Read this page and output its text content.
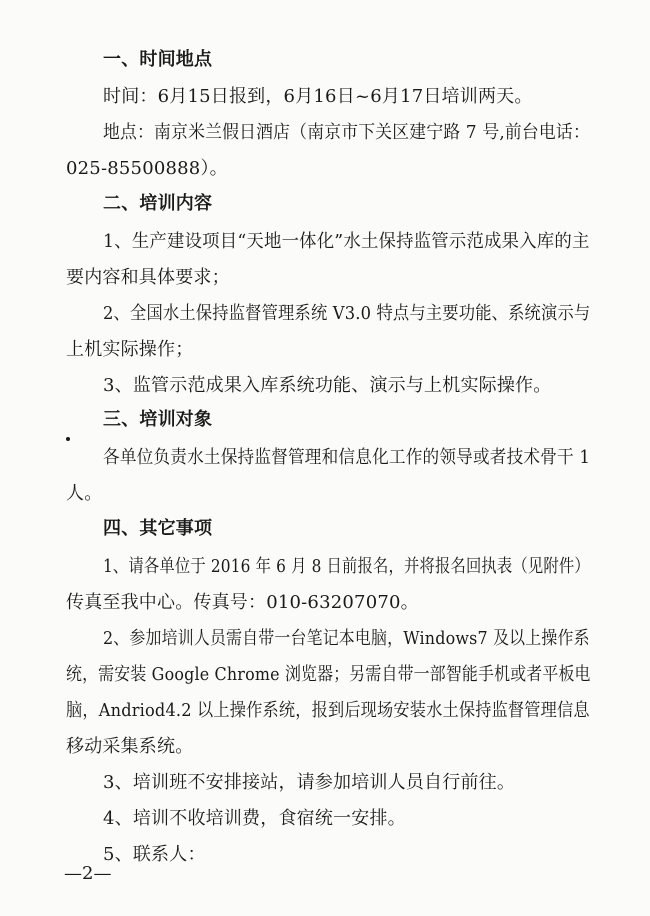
一、时间地点
时间：6月15日报到，6月16日~6月17日培训两天。
地点：南京米兰假日酒店（南京市下关区建宁路 7 号,前台电话：
025-85500888）。
二、培训内容
1、生产建设项目“天地一体化”水土保持监管示范成果入库的主
要内容和具体要求；
2、全国水土保持监督管理系统 V3.0 特点与主要功能、系统演示与
上机实际操作；
3、监管示范成果入库系统功能、演示与上机实际操作。
三、培训对象
各单位负责水土保持监督管理和信息化工作的领导或者技术骨干 1
人。
四、其它事项
1、请各单位于 2016 年 6 月 8 日前报名，并将报名回执表（见附件）
传真至我中心。传真号：010-63207070。
2、参加培训人员需自带一台笔记本电脑，Windows7 及以上操作系
统，需安装 Google Chrome 浏览器；另需自带一部智能手机或者平板电
脑，Andriod4.2 以上操作系统，报到后现场安装水土保持监督管理信息
移动采集系统。
3、培训班不安排接站，请参加培训人员自行前往。
4、培训不收培训费，食宿统一安排。
5、联系人：
—2—
